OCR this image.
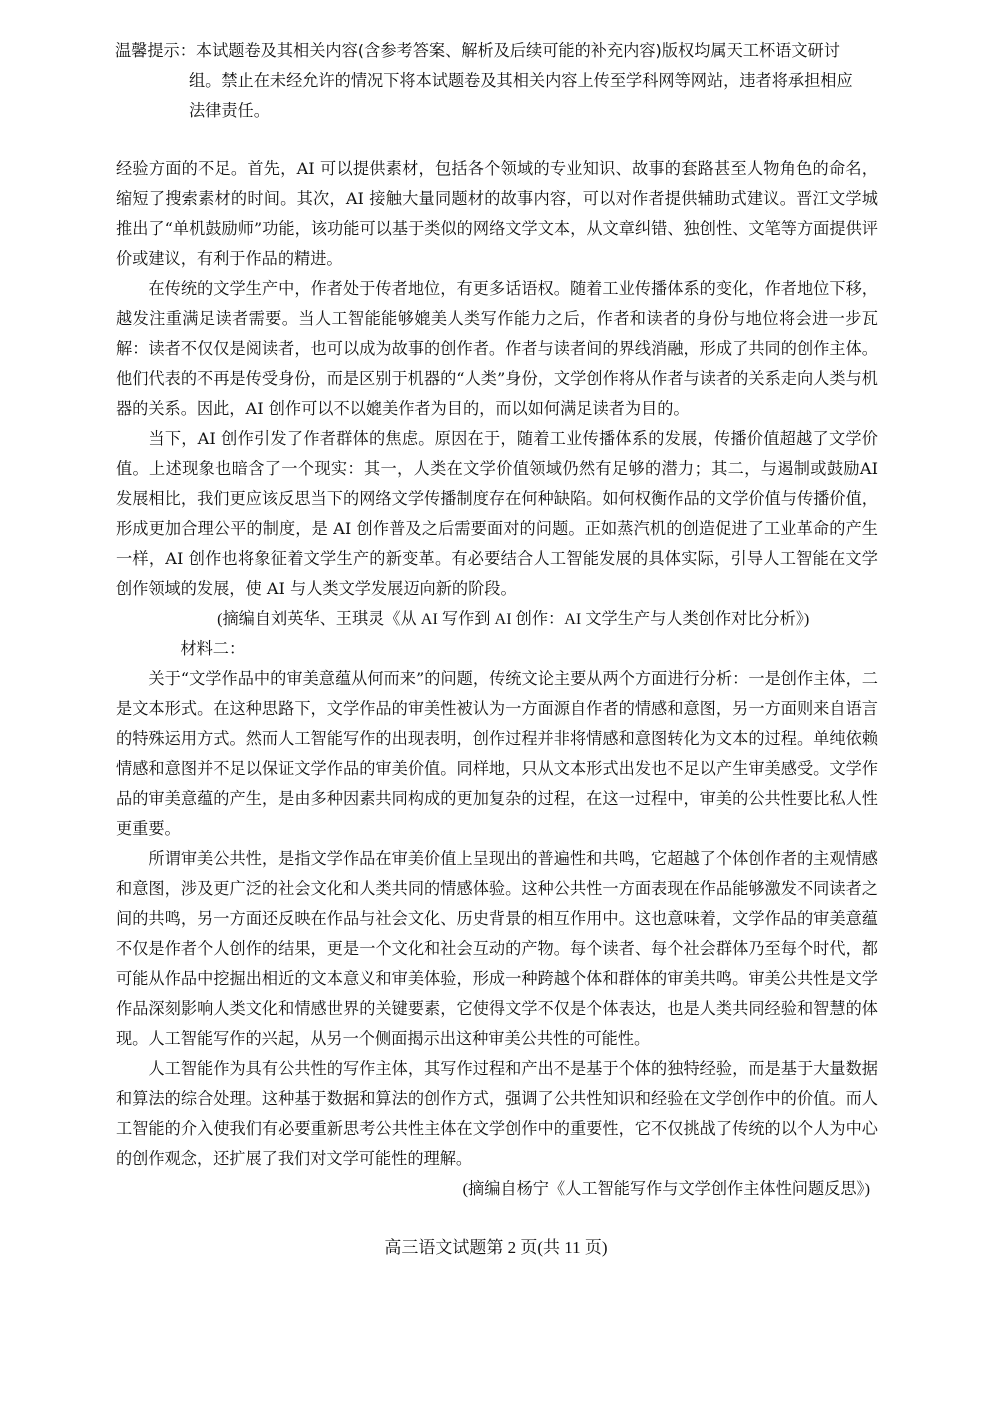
温馨提示：本试题卷及其相关内容(含参考答案、解析及后续可能的补充内容)版权均属天工杯语文研讨
组。禁止在未经允许的情况下将本试题卷及其相关内容上传至学科网等网站，违者将承担相应
法律责任。

经验方面的不足。首先，AI 可以提供素材，包括各个领域的专业知识、故事的套路甚至人物角色的命名，缩短了搜索素材的时间。其次，AI 接触大量同题材的故事内容，可以对作者提供辅助式建议。晋江文学城推出了“单机鼓励师”功能，该功能可以基于类似的网络文学文本，从文章纠错、独创性、文笔等方面提供评价或建议，有利于作品的精进。

在传统的文学生产中，作者处于传者地位，有更多话语权。随着工业传播体系的变化，作者地位下移，越发注重满足读者需要。当人工智能能够媲美人类写作能力之后，作者和读者的身份与地位将会进一步瓦解：读者不仅仅是阅读者，也可以成为故事的创作者。作者与读者间的界线消融，形成了共同的创作主体。他们代表的不再是传受身份，而是区别于机器的“人类”身份，文学创作将从作者与读者的关系走向人类与机器的关系。因此，AI 创作可以不以媲美作者为目的，而以如何满足读者为目的。

当下，AI 创作引发了作者群体的焦虑。原因在于，随着工业传播体系的发展，传播价值超越了文学价值。上述现象也暗含了一个现实：其一，人类在文学价值领域仍然有足够的潜力；其二，与遏制或鼓励AI 发展相比，我们更应该反思当下的网络文学传播制度存在何种缺陷。如何权衡作品的文学价值与传播价值，形成更加合理公平的制度，是 AI 创作普及之后需要面对的问题。正如蒸汽机的创造促进了工业革命的产生一样，AI 创作也将象征着文学生产的新变革。有必要结合人工智能发展的具体实际，引导人工智能在文学创作领域的发展，使 AI 与人类文学发展迈向新的阶段。

(摘编自刘英华、王琪灵《从 AI 写作到 AI 创作：AI 文学生产与人类创作对比分析》)

材料二：

关于“文学作品中的审美意蕴从何而来”的问题，传统文论主要从两个方面进行分析：一是创作主体，二是文本形式。在这种思路下，文学作品的审美性被认为一方面源自作者的情感和意图，另一方面则来自语言的特殊运用方式。然而人工智能写作的出现表明，创作过程并非将情感和意图转化为文本的过程。单纯依赖情感和意图并不足以保证文学作品的审美价值。同样地，只从文本形式出发也不足以产生审美感受。文学作品的审美意蕴的产生，是由多种因素共同构成的更加复杂的过程，在这一过程中，审美的公共性要比私人性更重要。

所谓审美公共性，是指文学作品在审美价值上呈现出的普遍性和共鸣，它超越了个体创作者的主观情感和意图，涉及更广泛的社会文化和人类共同的情感体验。这种公共性一方面表现在作品能够激发不同读者之间的共鸣，另一方面还反映在作品与社会文化、历史背景的相互作用中。这也意味着，文学作品的审美意蕴不仅是作者个人创作的结果，更是一个文化和社会互动的产物。每个读者、每个社会群体乃至每个时代，都可能从作品中挖掘出相近的文本意义和审美体验，形成一种跨越个体和群体的审美共鸣。审美公共性是文学作品深刻影响人类文化和情感世界的关键要素，它使得文学不仅是个体表达，也是人类共同经验和智慧的体现。人工智能写作的兴起，从另一个侧面揭示出这种审美公共性的可能性。

人工智能作为具有公共性的写作主体，其写作过程和产出不是基于个体的独特经验，而是基于大量数据和算法的综合处理。这种基于数据和算法的创作方式，强调了公共性知识和经验在文学创作中的价值。而人工智能的介入使我们有必要重新思考公共性主体在文学创作中的重要性，它不仅挑战了传统的以个人为中心的创作观念，还扩展了我们对文学可能性的理解。

(摘编自杨宁《人工智能写作与文学创作主体性问题反思》)

高三语文试题第 2 页(共 11 页)
